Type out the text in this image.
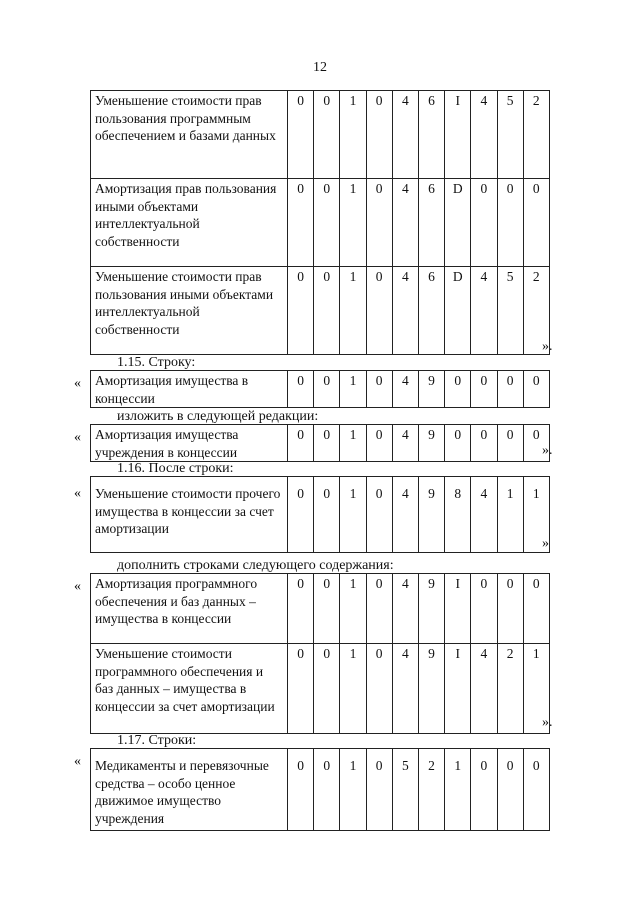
12
Уменьшение стоимости прав пользования программным обеспечением и базами данных	0	0	1	0	4	6	I	4	5	2
Амортизация прав пользования иными объектами интеллектуальной собственности	0	0	1	0	4	6	D	0	0	0
Уменьшение стоимости прав пользования иными объектами интеллектуальной собственности	0	0	1	0	4	6	D	4	5	2
».
1.15. Строку:
« Амортизация имущества в концессии	0	0	1	0	4	9	0	0	0	0
изложить в следующей редакции:
« Амортизация имущества учреждения в концессии	0	0	1	0	4	9	0	0	0	0
».
1.16. После строки:
« Уменьшение стоимости прочего имущества в концессии за счет амортизации	0	0	1	0	4	9	8	4	1	1
»
дополнить строками следующего содержания:
« Амортизация программного обеспечения и баз данных – имущества в концессии	0	0	1	0	4	9	I	0	0	0
Уменьшение стоимости программного обеспечения и баз данных – имущества в концессии за счет амортизации	0	0	1	0	4	9	I	4	2	1
».
1.17. Строки:
« Медикаменты и перевязочные средства – особо ценное движимое имущество учреждения	0	0	1	0	5	2	1	0	0	0
